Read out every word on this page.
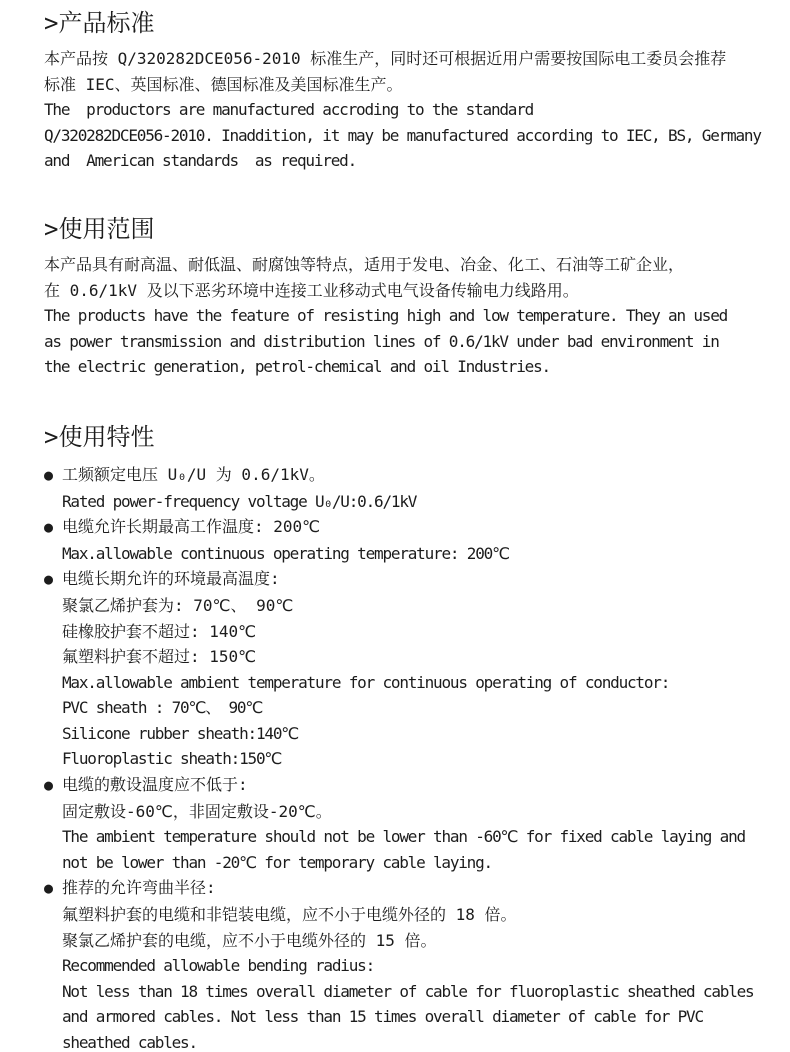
>产品标准
本产品按 Q/320282DCE056-2010 标准生产，同时还可根据近用户需要按国际电工委员会推荐
标准 IEC、英国标准、德国标准及美国标准生产。
The  productors are manufactured accroding to the standard
Q/320282DCE056-2010. Inaddition, it may be manufactured according to IEC, BS, Germany
and  American standards  as required.
>使用范围
本产品具有耐高温、耐低温、耐腐蚀等特点，适用于发电、冶金、化工、石油等工矿企业，
在 0.6/1kV 及以下恶劣环境中连接工业移动式电气设备传输电力线路用。
The products have the feature of resisting high and low temperature. They an used
as power transmission and distribution lines of 0.6/1kV under bad environment in
the electric generation, petrol-chemical and oil Industries.
>使用特性
● 工频额定电压 U₀/U 为 0.6/1kV。
Rated power-frequency voltage U₀/U:0.6/1kV
● 电缆允许长期最高工作温度: 200℃
Max.allowable continuous operating temperature: 200℃
● 电缆长期允许的环境最高温度:
聚氯乙烯护套为: 70℃、 90℃
硅橡胶护套不超过: 140℃
氟塑料护套不超过: 150℃
Max.allowable ambient temperature for continuous operating of conductor:
PVC sheath : 70℃、 90℃
Silicone rubber sheath:140℃
Fluoroplastic sheath:150℃
● 电缆的敷设温度应不低于:
固定敷设-60℃，非固定敷设-20℃。
The ambient temperature should not be lower than -60℃ for fixed cable laying and
not be lower than -20℃ for temporary cable laying.
● 推荐的允许弯曲半径:
氟塑料护套的电缆和非铠装电缆，应不小于电缆外径的 18 倍。
聚氯乙烯护套的电缆，应不小于电缆外径的 15 倍。
Recommended allowable bending radius:
Not less than 18 times overall diameter of cable for fluoroplastic sheathed cables
and armored cables. Not less than 15 times overall diameter of cable for PVC
sheathed cables.
